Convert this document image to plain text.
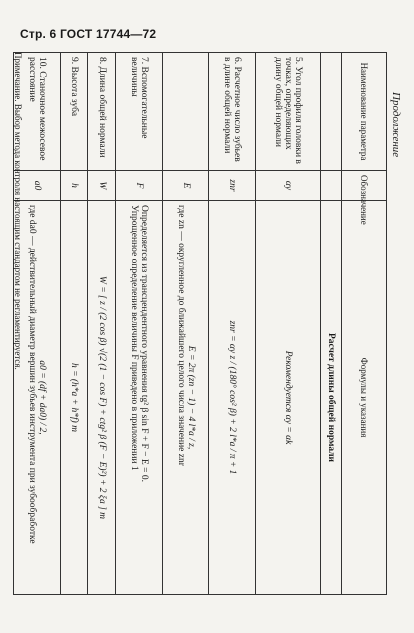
Стр. 6 ГОСТ 17744—72
Продолжение
Наименование параметра	Обозначение	Формулы и указания
		Расчет длины общей нормали
5. Угол профиля головки в точках, определяющих длину общей нормали	αy	Рекомендуется αy = αk

6. Расчетное число зубьев в длине общей нормали	znr	znr = αy z / (180° cos² β) + 2 l*a / π + 1

	E	E = 2π (zn − 1) − 4 l*a / z,
где zn — округленное до ближайшего целого числа значение znr

7. Вспомогательные величины	F	Определяется из трансцендентного уравнения tg² β sin F + F − E = 0.
Упрощенное определение величины F приведено в приложении 1

8. Длина общей нормали	W	W = [ z / (2 cos β) √(2 (1 − cos F) + ctg² β (F − E)²) + 2 ξa ] m

9. Высота зуба	h	h = (h*a + h*f) m

10. Станочное межосевое расстояние	a0	a0 = (df + da0) / 2,
где da0 — действительный диаметр вершин зубьев инструмента при зубообработке
Примечание. Выбор метода контроля настоящим стандартом не регламентируется.
